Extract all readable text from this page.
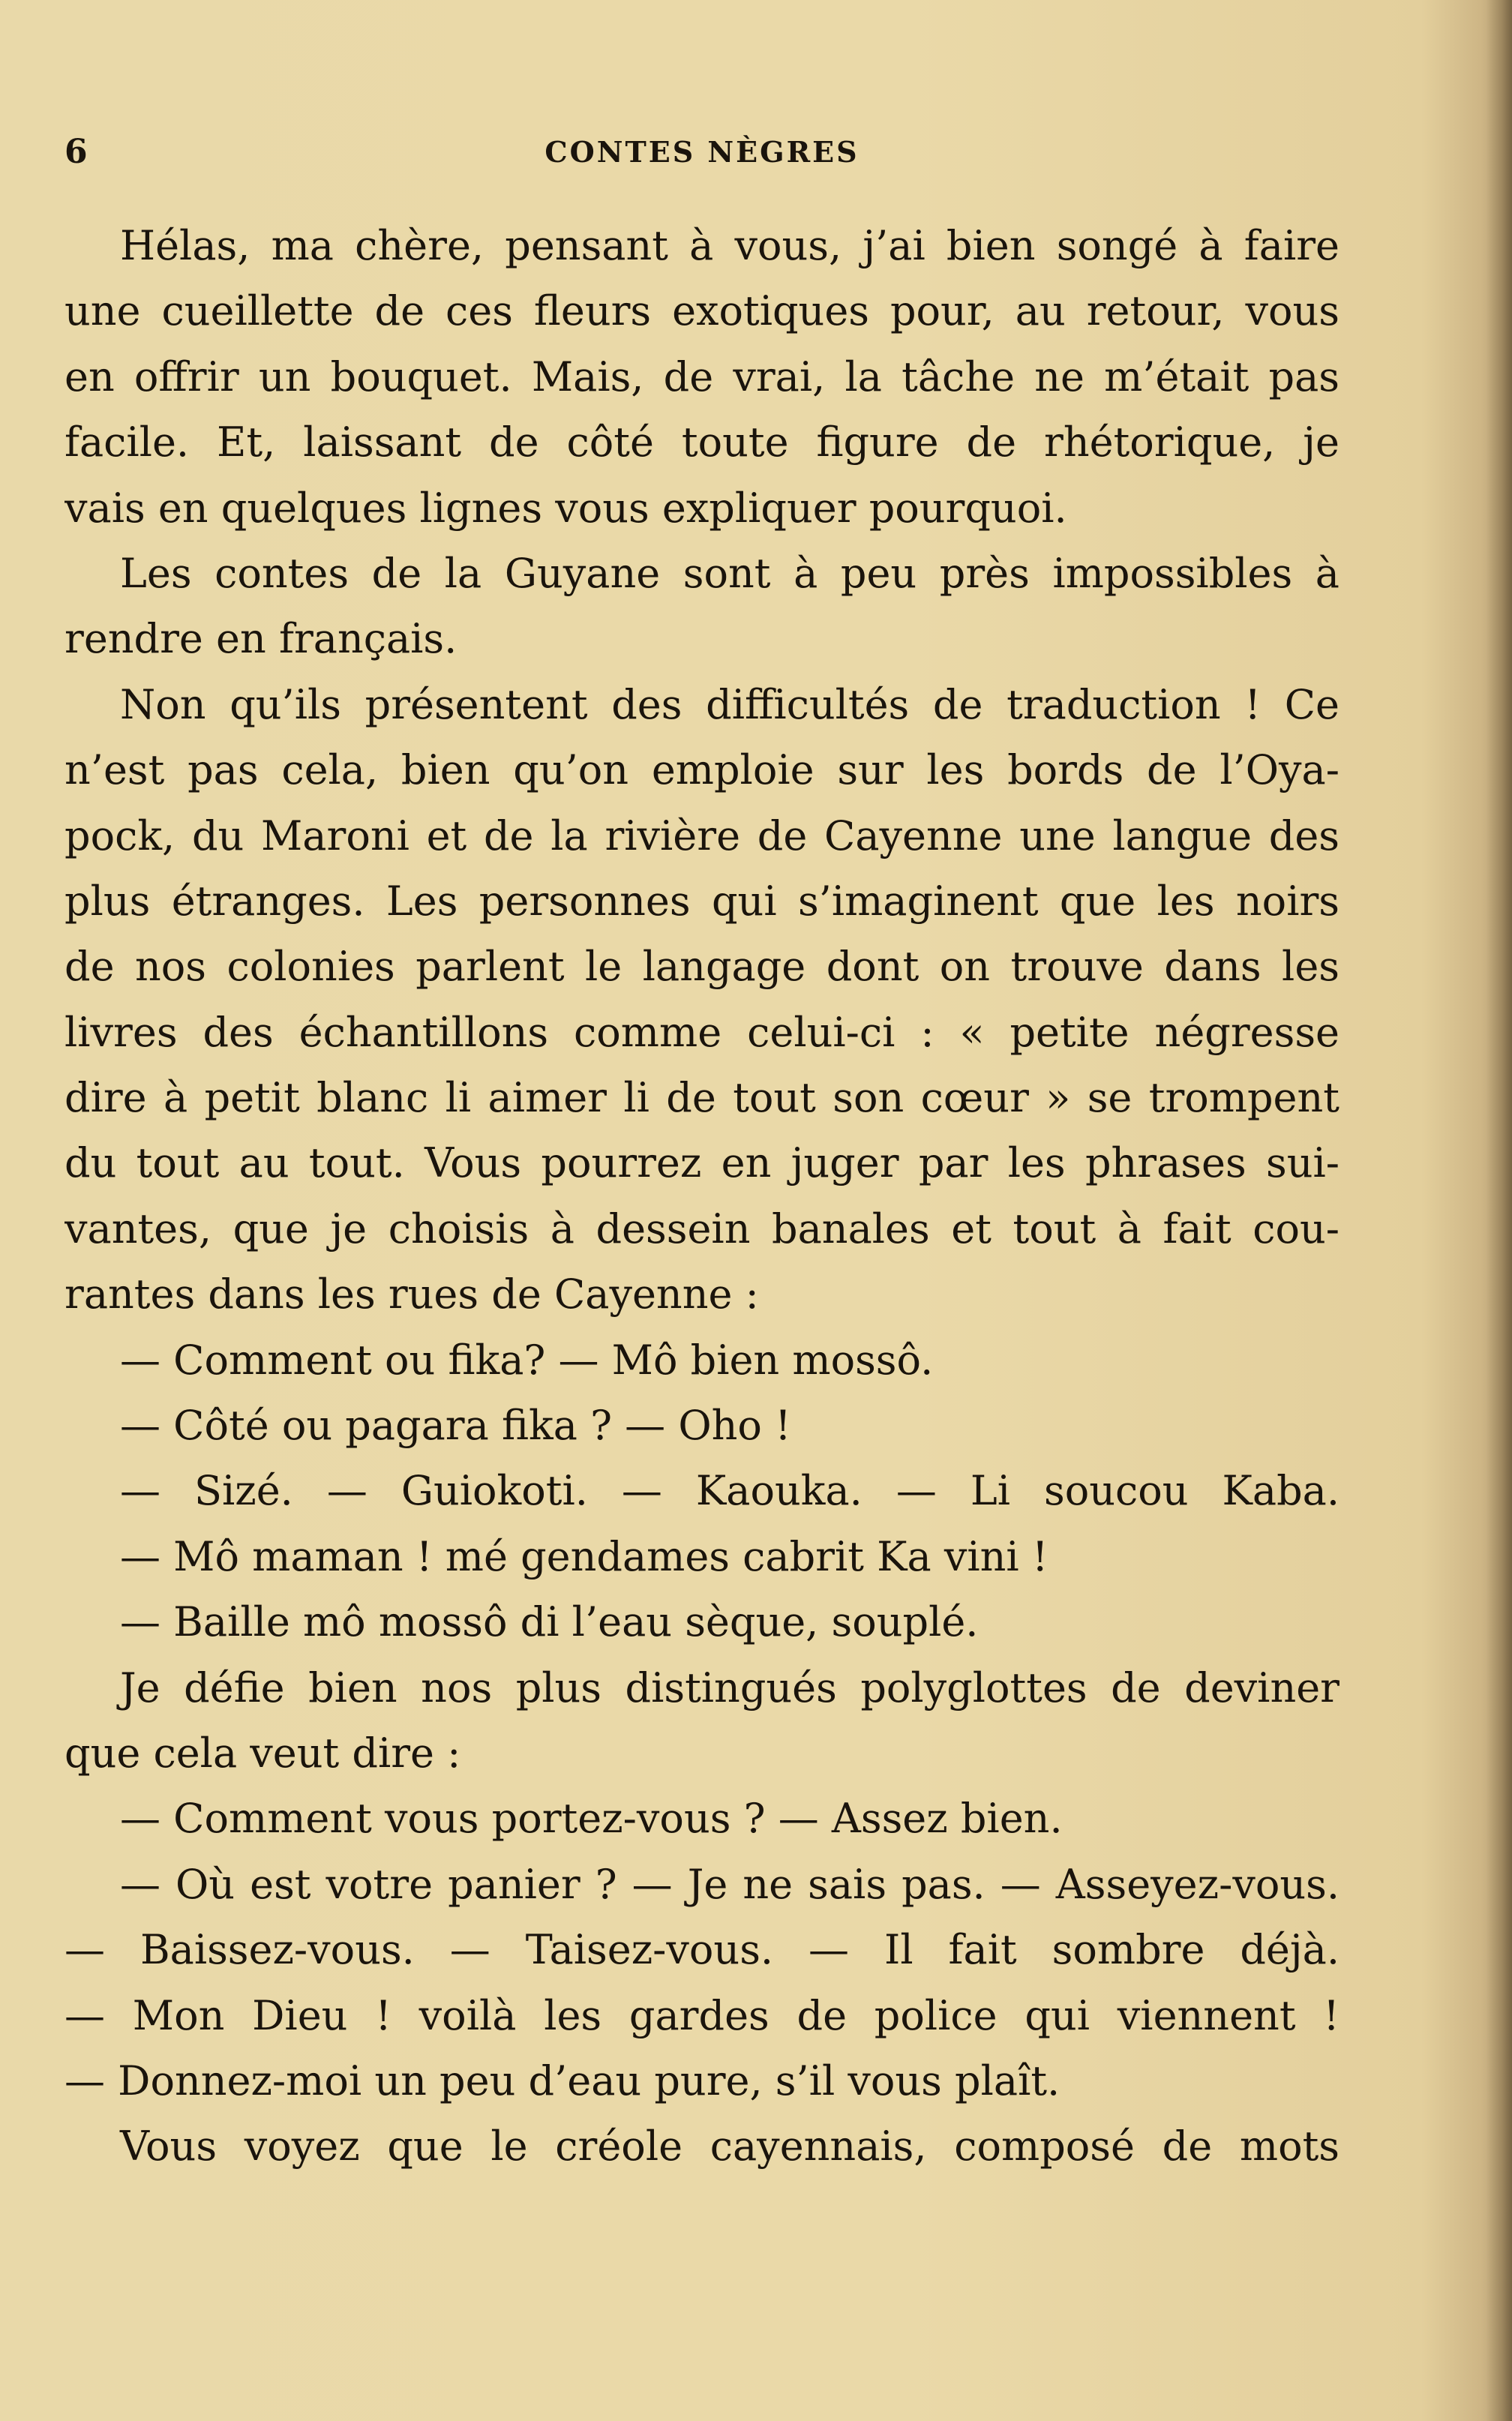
6	CONTES NÈGRES
Hélas, ma chère, pensant à vous, j’ai bien songé à faire
une cueillette de ces fleurs exotiques pour, au retour, vous
en offrir un bouquet. Mais, de vrai, la tâche ne m’était pas
facile. Et, laissant de côté toute figure de rhétorique, je
vais en quelques lignes vous expliquer pourquoi.
Les contes de la Guyane sont à peu près impossibles à
rendre en français.
Non qu’ils présentent des difficultés de traduction ! Ce
n’est pas cela, bien qu’on emploie sur les bords de l’Oya-
pock, du Maroni et de la rivière de Cayenne une langue des
plus étranges. Les personnes qui s’imaginent que les noirs
de nos colonies parlent le langage dont on trouve dans les
livres des échantillons comme celui-ci : « petite négresse
dire à petit blanc li aimer li de tout son cœur » se trompent
du tout au tout. Vous pourrez en juger par les phrases sui-
vantes, que je choisis à dessein banales et tout à fait cou-
rantes dans les rues de Cayenne :
— Comment ou fika? — Mô bien mossô.
— Côté ou pagara fika ? — Oho !
— Sizé. — Guiokoti. — Kaouka. — Li soucou Kaba.
— Mô maman ! mé gendames cabrit Ka vini !
— Baille mô mossô di l’eau sèque, souplé.
Je défie bien nos plus distingués polyglottes de deviner
que cela veut dire :
— Comment vous portez-vous ? — Assez bien.
— Où est votre panier ? — Je ne sais pas. — Asseyez-vous.
— Baissez-vous. — Taisez-vous. — Il fait sombre déjà.
— Mon Dieu ! voilà les gardes de police qui viennent !
— Donnez-moi un peu d’eau pure, s’il vous plaît.
Vous voyez que le créole cayennais, composé de mots
